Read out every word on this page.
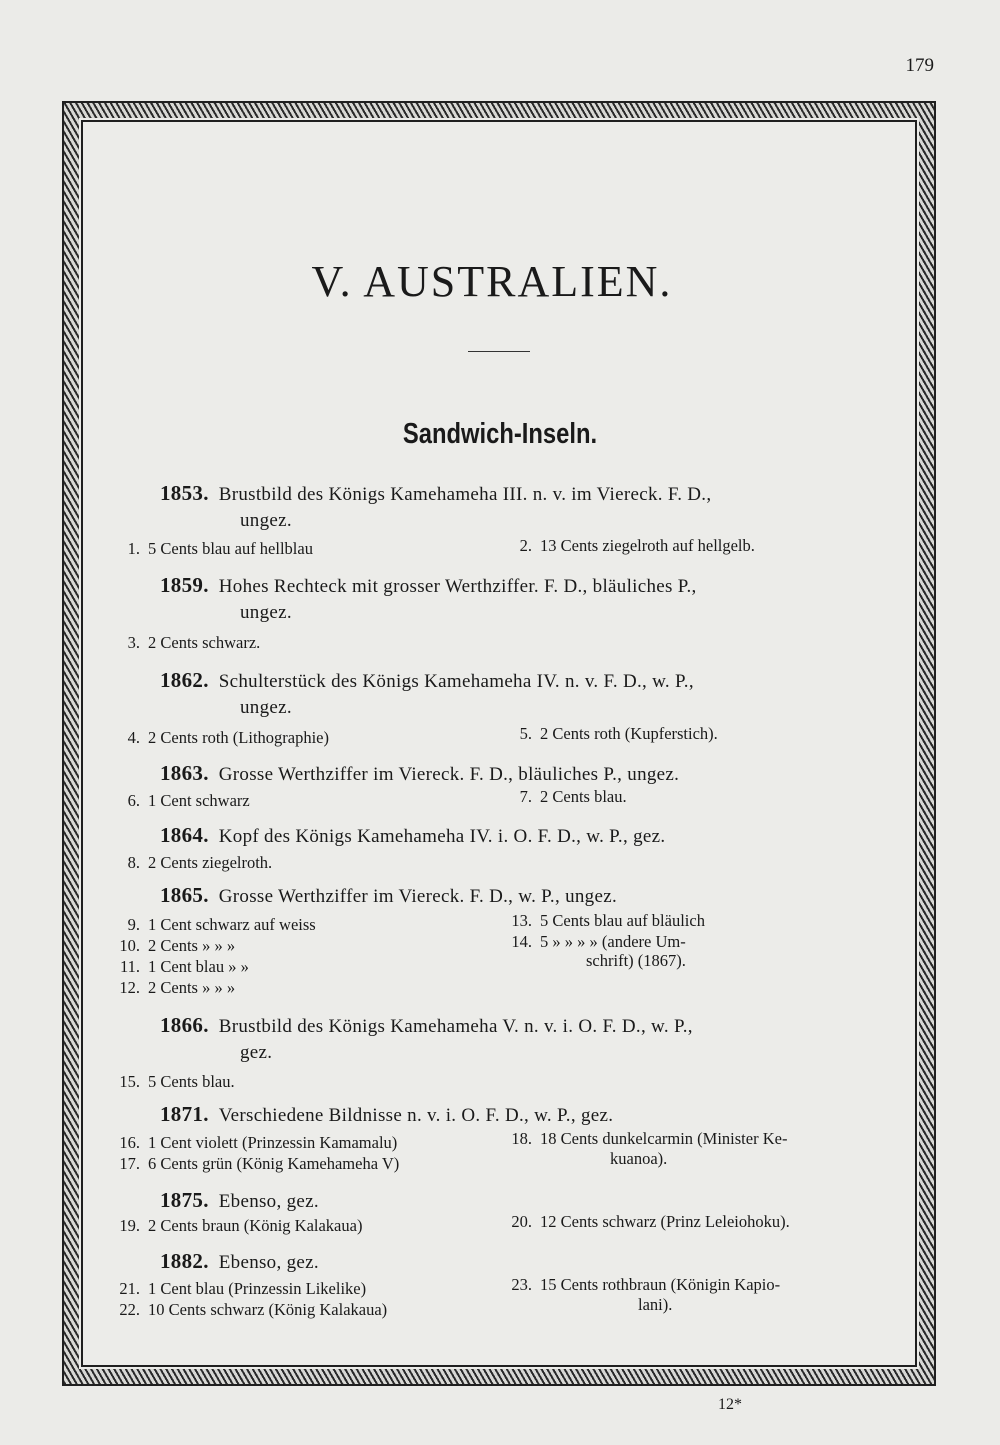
179
V. AUSTRALIEN.
Sandwich-Inseln.
1853. Brustbild des Königs Kamehameha III. n. v. im Viereck. F. D.,
ungez.
1. 5 Cents blau auf hellblau	2. 13 Cents ziegelroth auf hellgelb.
1859. Hohes Rechteck mit grosser Werthziffer. F. D., bläuliches P.,
ungez.
3. 2 Cents schwarz.
1862. Schulterstück des Königs Kamehameha IV. n. v. F. D., w. P.,
ungez.
4. 2 Cents roth (Lithographie)	5. 2 Cents roth (Kupferstich).
1863. Grosse Werthziffer im Viereck. F. D., bläuliches P., ungez.
6. 1 Cent schwarz	7. 2 Cents blau.
1864. Kopf des Königs Kamehameha IV. i. O. F. D., w. P., gez.
8. 2 Cents ziegelroth.
1865. Grosse Werthziffer im Viereck. F. D., w. P., ungez.
9. 1 Cent schwarz auf weiss
10. 2 Cents » » »
11. 1 Cent blau » »
12. 2 Cents » » »
13. 5 Cents blau auf bläulich
14. 5 » » » » (andere Um-
schrift) (1867).
1866. Brustbild des Königs Kamehameha V. n. v. i. O. F. D., w. P.,
gez.
15. 5 Cents blau.
1871. Verschiedene Bildnisse n. v. i. O. F. D., w. P., gez.
16. 1 Cent violett (Prinzessin Kamamalu)
17. 6 Cents grün (König Kamehameha V)
18. 18 Cents dunkelcarmin (Minister Ke-
kuanoa).
1875. Ebenso, gez.
19. 2 Cents braun (König Kalakaua)	20. 12 Cents schwarz (Prinz Leleiohoku).
1882. Ebenso, gez.
21. 1 Cent blau (Prinzessin Likelike)
22. 10 Cents schwarz (König Kalakaua)
23. 15 Cents rothbraun (Königin Kapio-
lani).
12*
